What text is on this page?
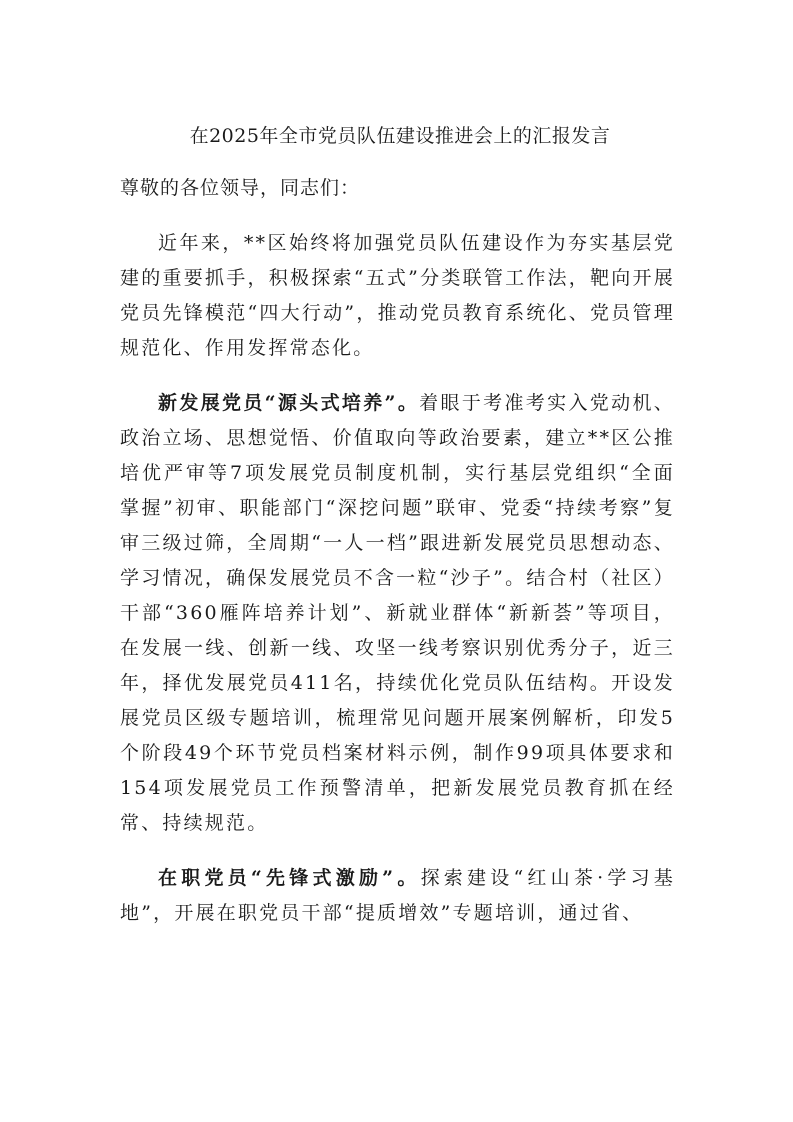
在2025年全市党员队伍建设推进会上的汇报发言

尊敬的各位领导，同志们：

近年来，**区始终将加强党员队伍建设作为夯实基层党建的重要抓手，积极探索“五式”分类联管工作法，靶向开展党员先锋模范“四大行动”，推动党员教育系统化、党员管理规范化、作用发挥常态化。

新发展党员“源头式培养”。着眼于考准考实入党动机、政治立场、思想觉悟、价值取向等政治要素，建立**区公推培优严审等7项发展党员制度机制，实行基层党组织“全面掌握”初审、职能部门“深挖问题”联审、党委“持续考察”复审三级过筛，全周期“一人一档”跟进新发展党员思想动态、学习情况，确保发展党员不含一粒“沙子”。结合村（社区）干部“360雁阵培养计划”、新就业群体“新新荟”等项目，在发展一线、创新一线、攻坚一线考察识别优秀分子，近三年，择优发展党员411名，持续优化党员队伍结构。开设发展党员区级专题培训，梳理常见问题开展案例解析，印发5个阶段49个环节党员档案材料示例，制作99项具体要求和154项发展党员工作预警清单，把新发展党员教育抓在经常、持续规范。

在职党员“先锋式激励”。探索建设“红山茶·学习基地”，开展在职党员干部“提质增效”专题培训，通过省、
